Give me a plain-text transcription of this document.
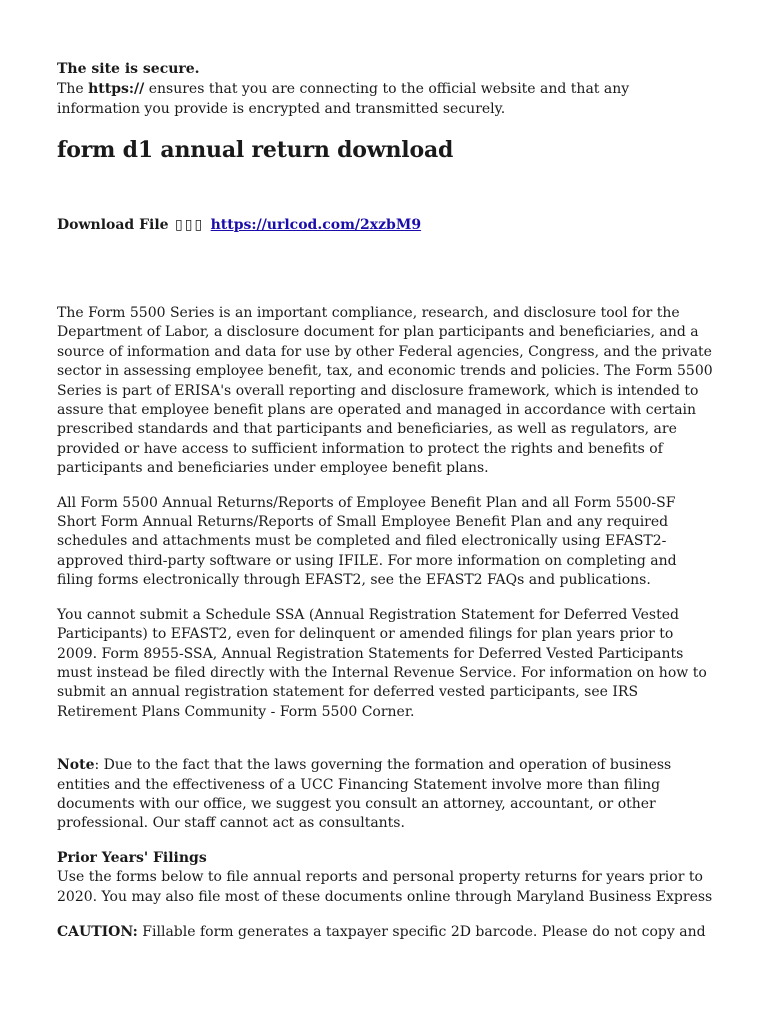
The site is secure.

The https:// ensures that you are connecting to the official website and that any information you provide is encrypted and transmitted securely.

form d1 annual return download

Download File ▯▯▯ https://urlcod.com/2xzbM9

The Form 5500 Series is an important compliance, research, and disclosure tool for the Department of Labor, a disclosure document for plan participants and beneficiaries, and a source of information and data for use by other Federal agencies, Congress, and the private sector in assessing employee benefit, tax, and economic trends and policies. The Form 5500 Series is part of ERISA's overall reporting and disclosure framework, which is intended to assure that employee benefit plans are operated and managed in accordance with certain prescribed standards and that participants and beneficiaries, as well as regulators, are provided or have access to sufficient information to protect the rights and benefits of participants and beneficiaries under employee benefit plans.

All Form 5500 Annual Returns/Reports of Employee Benefit Plan and all Form 5500-SF Short Form Annual Returns/Reports of Small Employee Benefit Plan and any required schedules and attachments must be completed and filed electronically using EFAST2-approved third-party software or using IFILE. For more information on completing and filing forms electronically through EFAST2, see the EFAST2 FAQs and publications.

You cannot submit a Schedule SSA (Annual Registration Statement for Deferred Vested Participants) to EFAST2, even for delinquent or amended filings for plan years prior to 2009. Form 8955-SSA, Annual Registration Statements for Deferred Vested Participants must instead be filed directly with the Internal Revenue Service. For information on how to submit an annual registration statement for deferred vested participants, see IRS Retirement Plans Community - Form 5500 Corner.

Note: Due to the fact that the laws governing the formation and operation of business entities and the effectiveness of a UCC Financing Statement involve more than filing documents with our office, we suggest you consult an attorney, accountant, or other professional. Our staff cannot act as consultants.

Prior Years' Filings

Use the forms below to file annual reports and personal property returns for years prior to 2020. You may also file most of these documents online through Maryland Business Express

CAUTION: Fillable form generates a taxpayer specific 2D barcode. Please do not copy and
